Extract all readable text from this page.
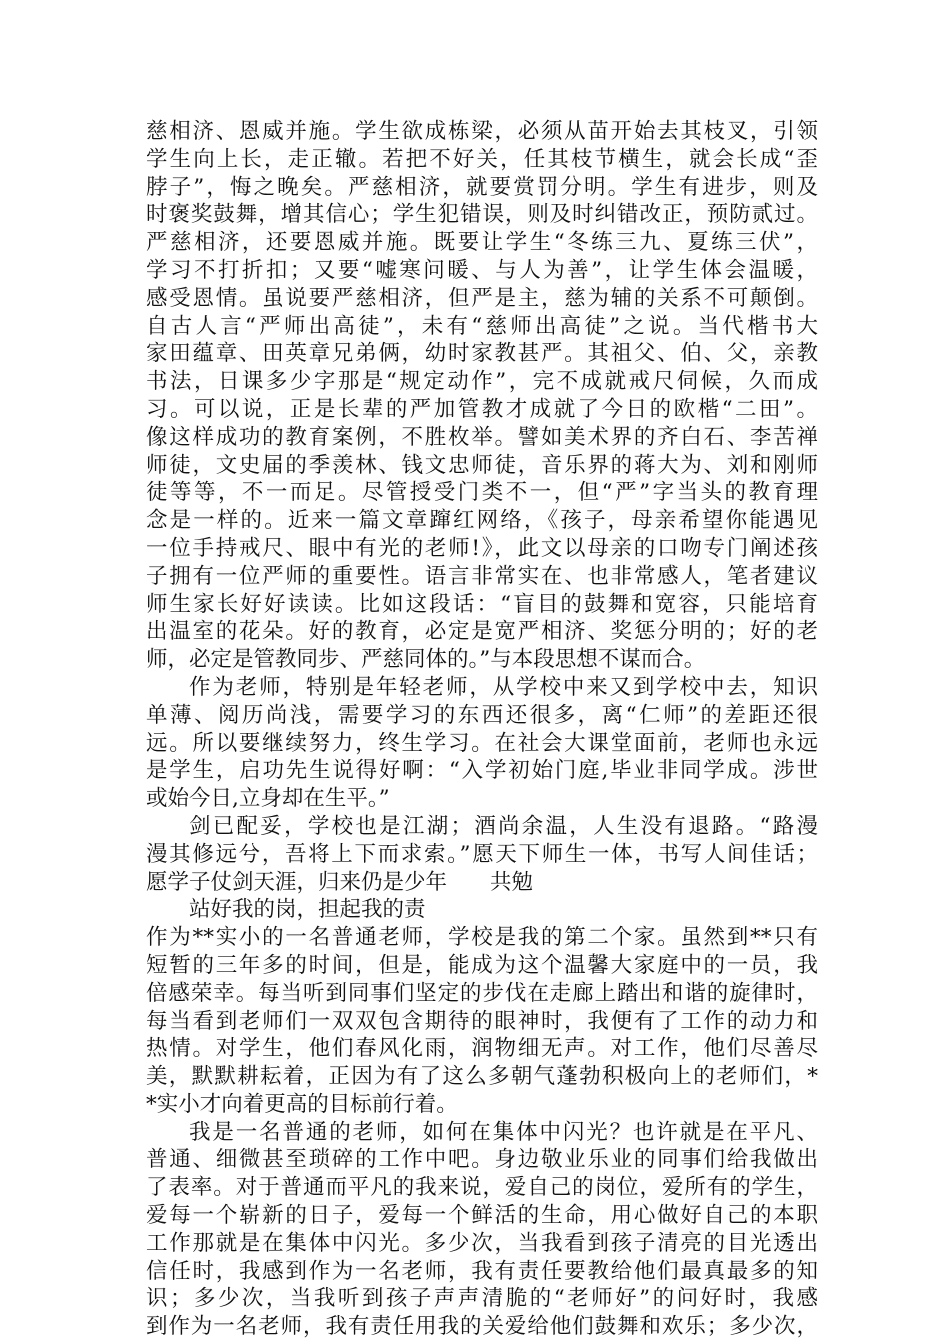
慈相济、恩威并施。学生欲成栋梁，必须从苗开始去其枝叉，引领
学生向上长，走正辙。若把不好关，任其枝节横生，就会长成“歪
脖子”，悔之晚矣。严慈相济，就要赏罚分明。学生有进步，则及
时褒奖鼓舞，增其信心；学生犯错误，则及时纠错改正，预防贰过。
严慈相济，还要恩威并施。既要让学生“冬练三九、夏练三伏”，
学习不打折扣；又要“嘘寒问暖、与人为善”，让学生体会温暖，
感受恩情。虽说要严慈相济，但严是主，慈为辅的关系不可颠倒。
自古人言“严师出高徒”，未有“慈师出高徒”之说。当代楷书大
家田蕴章、田英章兄弟俩，幼时家教甚严。其祖父、伯、父，亲教
书法，日课多少字那是“规定动作”，完不成就戒尺伺候，久而成
习。可以说，正是长辈的严加管教才成就了今日的欧楷“二田”。
像这样成功的教育案例，不胜枚举。譬如美术界的齐白石、李苦禅
师徒，文史届的季羡林、钱文忠师徒，音乐界的蒋大为、刘和刚师
徒等等，不一而足。尽管授受门类不一，但“严”字当头的教育理
念是一样的。近来一篇文章蹿红网络，《孩子，母亲希望你能遇见
一位手持戒尺、眼中有光的老师!》，此文以母亲的口吻专门阐述孩
子拥有一位严师的重要性。语言非常实在、也非常感人，笔者建议
师生家长好好读读。比如这段话：“盲目的鼓舞和宽容，只能培育
出温室的花朵。好的教育，必定是宽严相济、奖惩分明的；好的老
师，必定是管教同步、严慈同体的。”与本段思想不谋而合。
作为老师，特别是年轻老师，从学校中来又到学校中去，知识
单薄、阅历尚浅，需要学习的东西还很多，离“仁师”的差距还很
远。所以要继续努力，终生学习。在社会大课堂面前，老师也永远
是学生，启功先生说得好啊：“入学初始门庭,毕业非同学成。涉世
或始今日,立身却在生平。”
剑已配妥，学校也是江湖；酒尚余温，人生没有退路。“路漫
漫其修远兮，吾将上下而求索。”愿天下师生一体，书写人间佳话；
愿学子仗剑天涯，归来仍是少年　　共勉
站好我的岗，担起我的责
作为**实小的一名普通老师，学校是我的第二个家。虽然到**只有
短暂的三年多的时间，但是，能成为这个温馨大家庭中的一员，我
倍感荣幸。每当听到同事们坚定的步伐在走廊上踏出和谐的旋律时，
每当看到老师们一双双包含期待的眼神时，我便有了工作的动力和
热情。对学生，他们春风化雨，润物细无声。对工作，他们尽善尽
美，默默耕耘着，正因为有了这么多朝气蓬勃积极向上的老师们，*
*实小才向着更高的目标前行着。
我是一名普通的老师，如何在集体中闪光？也许就是在平凡、
普通、细微甚至琐碎的工作中吧。身边敬业乐业的同事们给我做出
了表率。对于普通而平凡的我来说，爱自己的岗位，爱所有的学生，
爱每一个崭新的日子，爱每一个鲜活的生命，用心做好自己的本职
工作那就是在集体中闪光。多少次，当我看到孩子清亮的目光透出
信任时，我感到作为一名老师，我有责任要教给他们最真最多的知
识；多少次，当我听到孩子声声清脆的“老师好”的问好时，我感
到作为一名老师，我有责任用我的关爱给他们鼓舞和欢乐；多少次，
